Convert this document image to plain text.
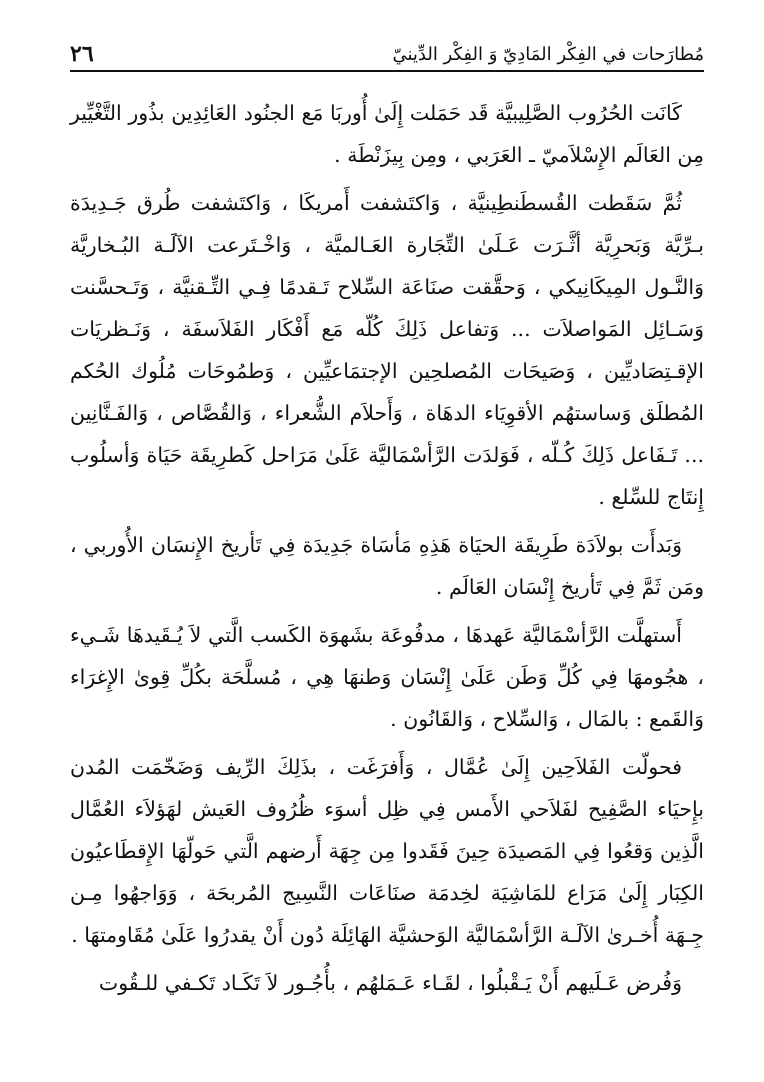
مُطارَحات في الفِكْر المَادِيّ وَ الفِكْر الدِّينيّ
٢٦

كَانَت الحُرُوب الصَّلِيبيَّة قَد حَمَلت إِلَىٰ أُوربَا مَع الجنُود العَائِدِين بذُور التَّغْيِّير مِن العَالَم الإِسْلاَميّ ـ العَرَبي ، ومِن بِيزَنْطَة .

ثُمَّ سَقَطت القُسطَنطِينيَّة ، وَاكتَشفت أَمريكَا ، وَاكتَشفت طُرق جَـدِيدَة بـرِّيَّة وَبَحرِيَّة أثَّـرَت عَـلَىٰ التِّجَارة العَـالميَّة ، وَاخْـتَرعت الآلَـة البُـخاريَّة وَالنَّـول المِيكَانِيكي ، وَحقَّقت صنَاعَة السِّلاح تَـقدمًا فِـي التِّـقنيَّة ، وَتَـحسَّنت وَسَـائِل المَواصلاَت ... وَتفاعل ذَلِكَ كُلّه مَع أَفْكَار الفَلاَسفَة ، وَنَـظريَات الإقـتِصَاديِّين ، وَصَيحَات المُصلحِين الإجتمَاعيِّين ، وَطمُوحَات مُلُوك الحُكم المُطلَق وَساستهُم الأقوِيَاء الدهَاة ، وَأَحلاَم الشُّعراء ، وَالقُصَّاص ، وَالفَـنَّانِين ... تَـفَاعل ذَلِكَ كُـلّه ، فَوَلدَت الرَّأسْمَاليَّة عَلَىٰ مَرَاحل كَطرِيقَة حَيَاة وَأسلُوب إِنتَاج للسِّلع .

وَبَدأَت بولاَدَة طَرِيقَة الحيَاة هَذِهِ مَأسَاة جَدِيدَة فِي تَأريخ الإِنسَان الأُوربي ، ومَن ثَمَّ فِي تَأريخ إِنْسَان العَالَم .

أَستهلَّت الرَّأسْمَاليَّة عَهدهَا ، مدفُوعَة بشَهوَة الكَسب الَّتي لاَ يُـقَيدهَا شَـيء ، هجُومهَا فِي كُلِّ وَطَن عَلَىٰ إِنْسَان وَطنهَا هِي ، مُسلَّحَة بكُلِّ قِوىٰ الإِغرَاء وَالقَمع : بالمَال ، وَالسِّلاح ، وَالقَانُون .

فحولّت الفَلاَحِين إِلَىٰ عُمَّال ، وَأَفرَغَت ، بذَلِكَ الرِّيف وَضَخّمَت المُدن بإِحيَاء الصَّفِيح لفَلاَحي الأَمس فِي ظِل أسوَء ظُرُوف العَيش لهَؤلاَء العُمَّال الَّذِين وَقعُوا فِي المَصيدَة حِينَ فَقَدوا مِن جِهَة أَرضهم الَّتي حَولّهَا الإِقطَاعيُون الكِبَار إِلَىٰ مَرَاع للمَاشِيَة لخِدمَة صنَاعَات النَّسِيج المُربحَة ، وَوَاجهُوا مِـن جِـهَة أُخـرىٰ الآلَـة الرَّأسْمَاليَّة الوَحشيَّة الهَائِلَة دُون أَنْ يقدرُوا عَلَىٰ مُقَاومتهَا .

وَفُرض عَـلَيهم أَنْ يَـقْبلُوا ، لقَـاء عَـمَلهُم ، بأُجُـور لاَ تَكَـاد تَكـفي للـقُوت
